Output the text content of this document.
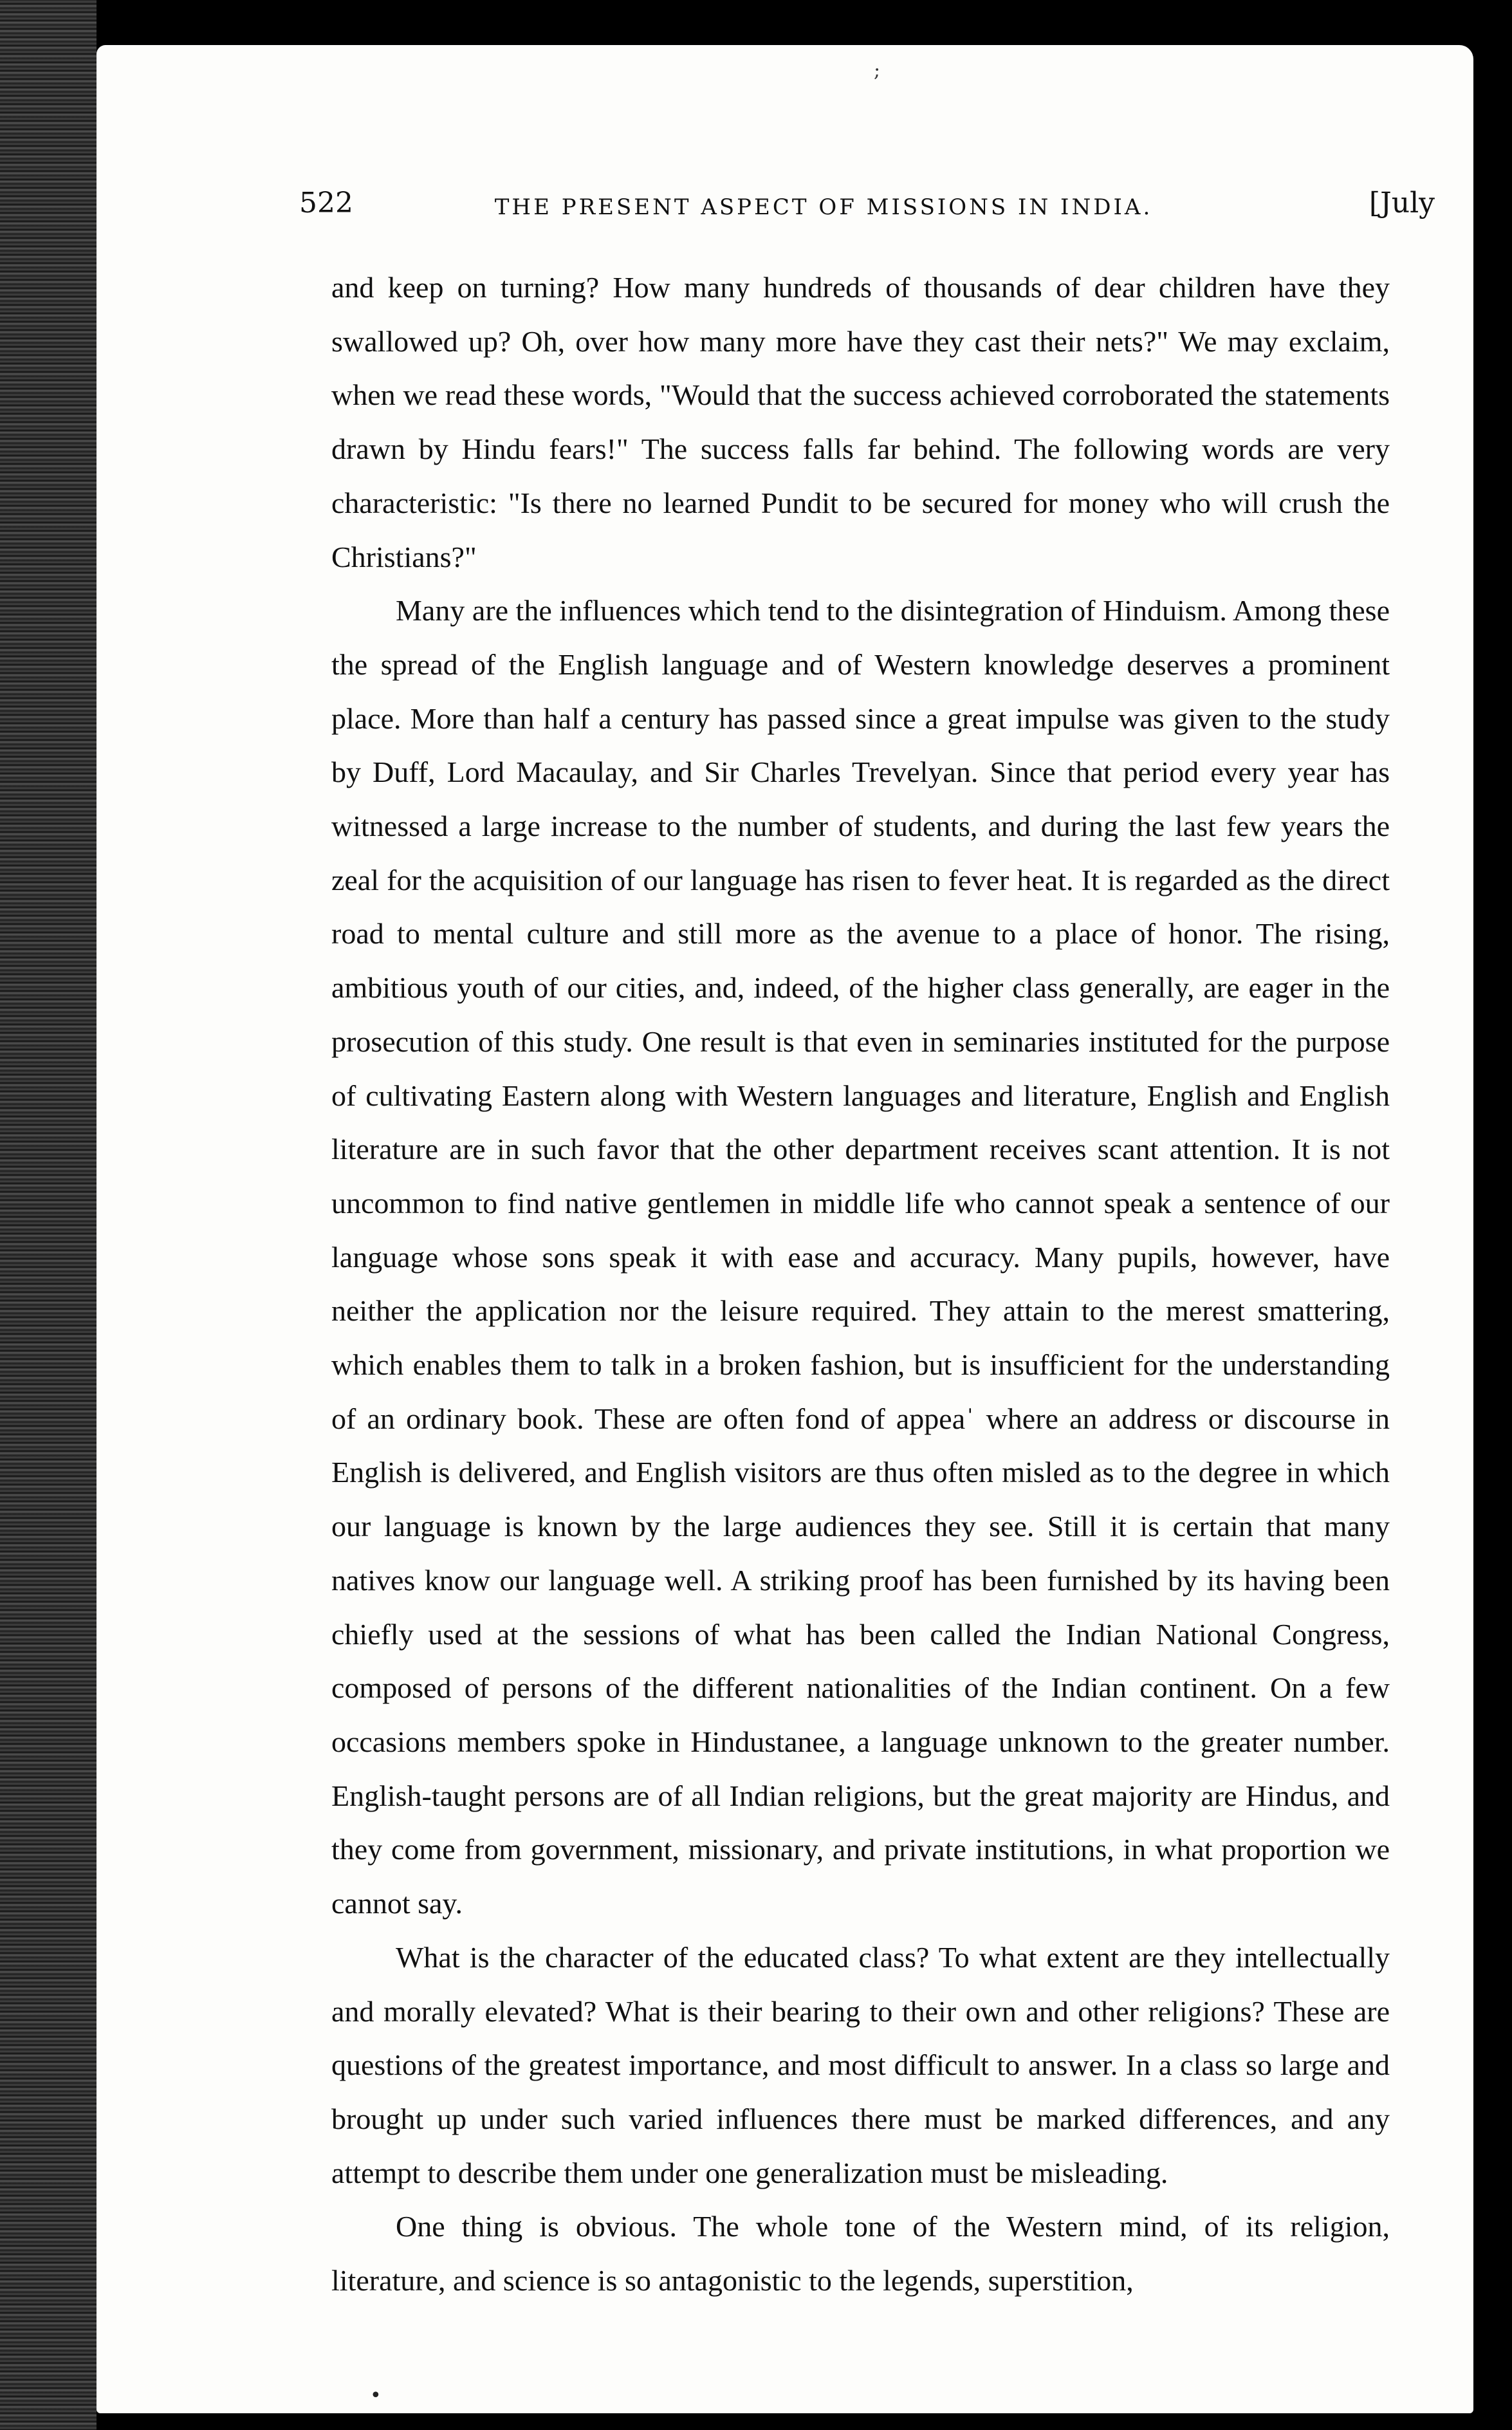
;
522	THE PRESENT ASPECT OF MISSIONS IN INDIA.	[July

and keep on turning? How many hundreds of thousands of dear children have they swallowed up? Oh, over how many more have they cast their nets?" We may exclaim, when we read these words, "Would that the success achieved corroborated the statements drawn by Hindu fears!" The success falls far behind. The following words are very characteristic: "Is there no learned Pundit to be secured for money who will crush the Christians?"

Many are the influences which tend to the disintegration of Hinduism. Among these the spread of the English language and of Western knowledge deserves a prominent place. More than half a century has passed since a great impulse was given to the study by Duff, Lord Macaulay, and Sir Charles Trevelyan. Since that period every year has witnessed a large increase to the number of students, and during the last few years the zeal for the acquisition of our language has risen to fever heat. It is regarded as the direct road to mental culture and still more as the avenue to a place of honor. The rising, ambitious youth of our cities, and, indeed, of the higher class generally, are eager in the prosecution of this study. One result is that even in seminaries instituted for the purpose of cultivating Eastern along with Western languages and literature, English and English literature are in such favor that the other department receives scant attention. It is not uncommon to find native gentlemen in middle life who cannot speak a sentence of our language whose sons speak it with ease and accuracy. Many pupils, however, have neither the application nor the leisure required. They attain to the merest smattering, which enables them to talk in a broken fashion, but is insufficient for the understanding of an ordinary book. These are often fond of appeaˈ where an address or discourse in English is delivered, and English visitors are thus often misled as to the degree in which our language is known by the large audiences they see. Still it is certain that many natives know our language well. A striking proof has been furnished by its having been chiefly used at the sessions of what has been called the Indian National Congress, composed of persons of the different nationalities of the Indian continent. On a few occasions members spoke in Hindustanee, a language unknown to the greater number. English-taught persons are of all Indian religions, but the great majority are Hindus, and they come from government, missionary, and private institutions, in what proportion we cannot say.

What is the character of the educated class? To what extent are they intellectually and morally elevated? What is their bearing to their own and other religions? These are questions of the greatest importance, and most difficult to answer. In a class so large and brought up under such varied influences there must be marked differences, and any attempt to describe them under one generalization must be misleading.

One thing is obvious. The whole tone of the Western mind, of its religion, literature, and science is so antagonistic to the legends, superstition,

•
